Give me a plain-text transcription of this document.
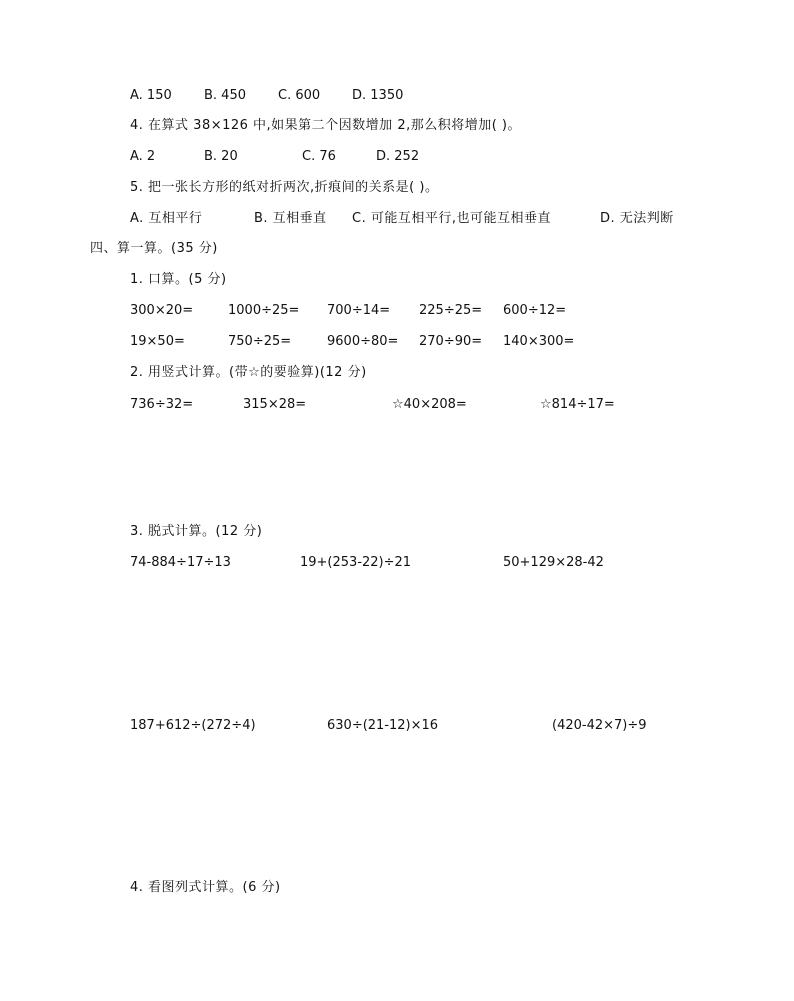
A. 150 B. 450 C. 600 D. 1350
4. 在算式 38×126 中,如果第二个因数增加 2,那么积将增加( )。
A. 2	B. 20	C. 76	D. 252
5. 把一张长方形的纸对折两次,折痕间的关系是( )。
A. 互相平行	B. 互相垂直 C. 可能互相平行,也可能互相垂直	D. 无法判断
四、算一算。(35 分)
1. 口算。(5 分)
300×20=	1000÷25= 700÷14= 225÷25= 600÷12=
19×50=	750÷25=	9600÷80= 270÷90= 140×300=
2. 用竖式计算。(带☆的要验算)(12 分)
736÷32=	315×28=	☆40×208=	☆814÷17=
3. 脱式计算。(12 分)
74-884÷17÷13	19+(253-22)÷21	50+129×28-42
187+612÷(272÷4)	630÷(21-12)×16	(420-42×7)÷9
4. 看图列式计算。(6 分)
